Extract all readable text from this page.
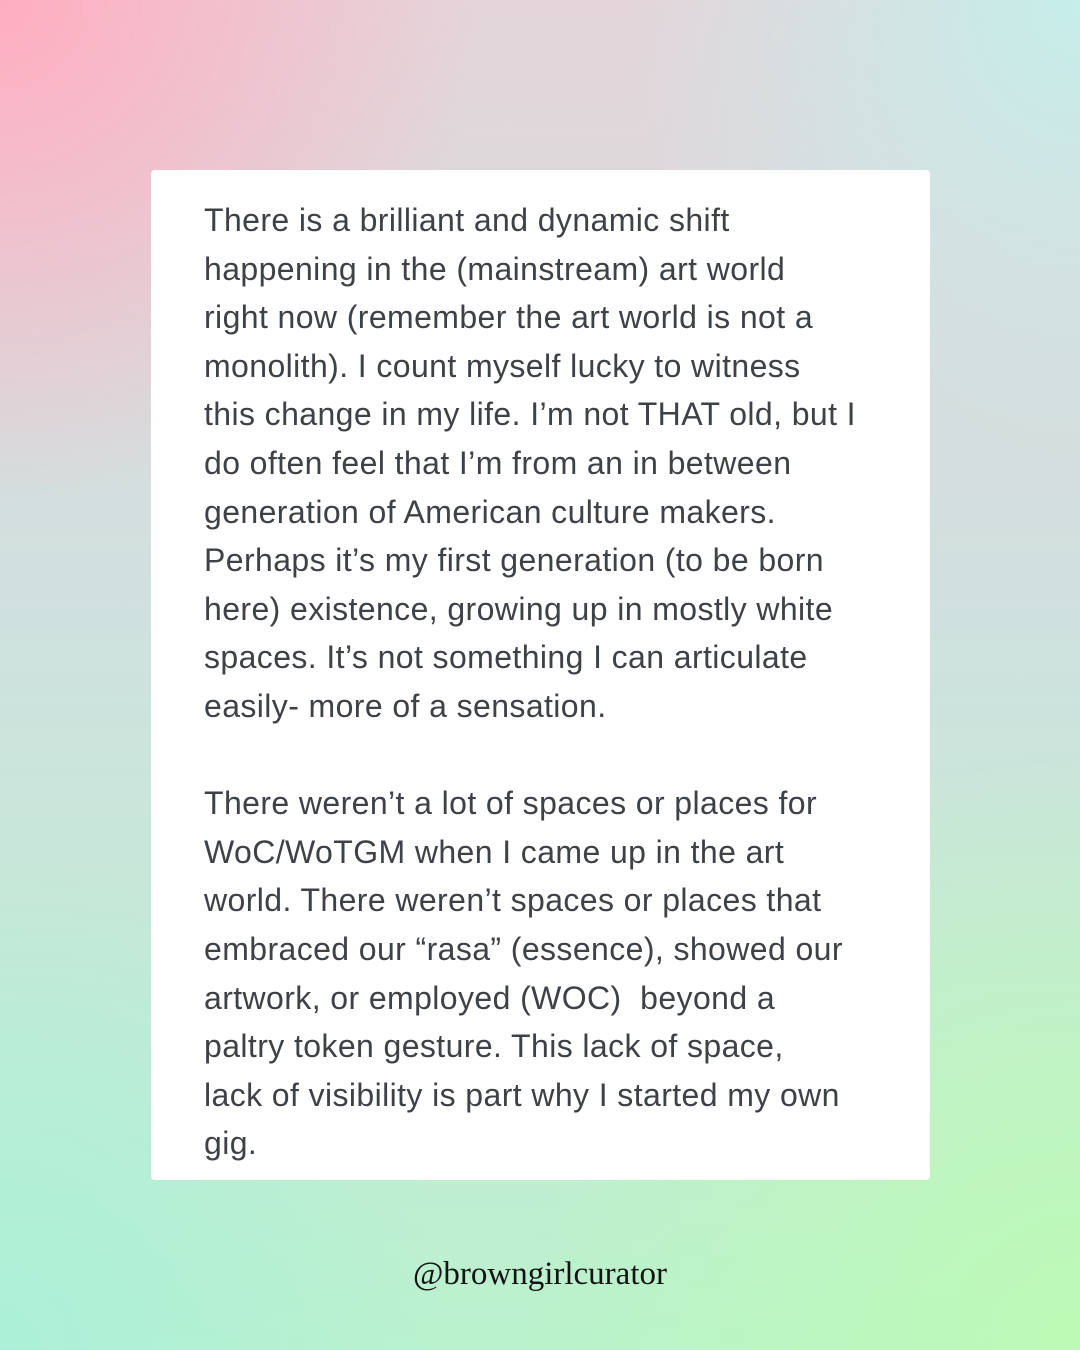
There is a brilliant and dynamic shift
happening in the (mainstream) art world
right now (remember the art world is not a
monolith). I count myself lucky to witness
this change in my life. I’m not THAT old, but I
do often feel that I’m from an in between
generation of American culture makers.
Perhaps it’s my first generation (to be born
here) existence, growing up in mostly white
spaces. It’s not something I can articulate
easily- more of a sensation.
There weren’t a lot of spaces or places for
WoC/WoTGM when I came up in the art
world. There weren’t spaces or places that
embraced our “rasa” (essence), showed our
artwork, or employed (WOC)  beyond a
paltry token gesture. This lack of space,
lack of visibility is part why I started my own
gig.
@browngirlcurator
